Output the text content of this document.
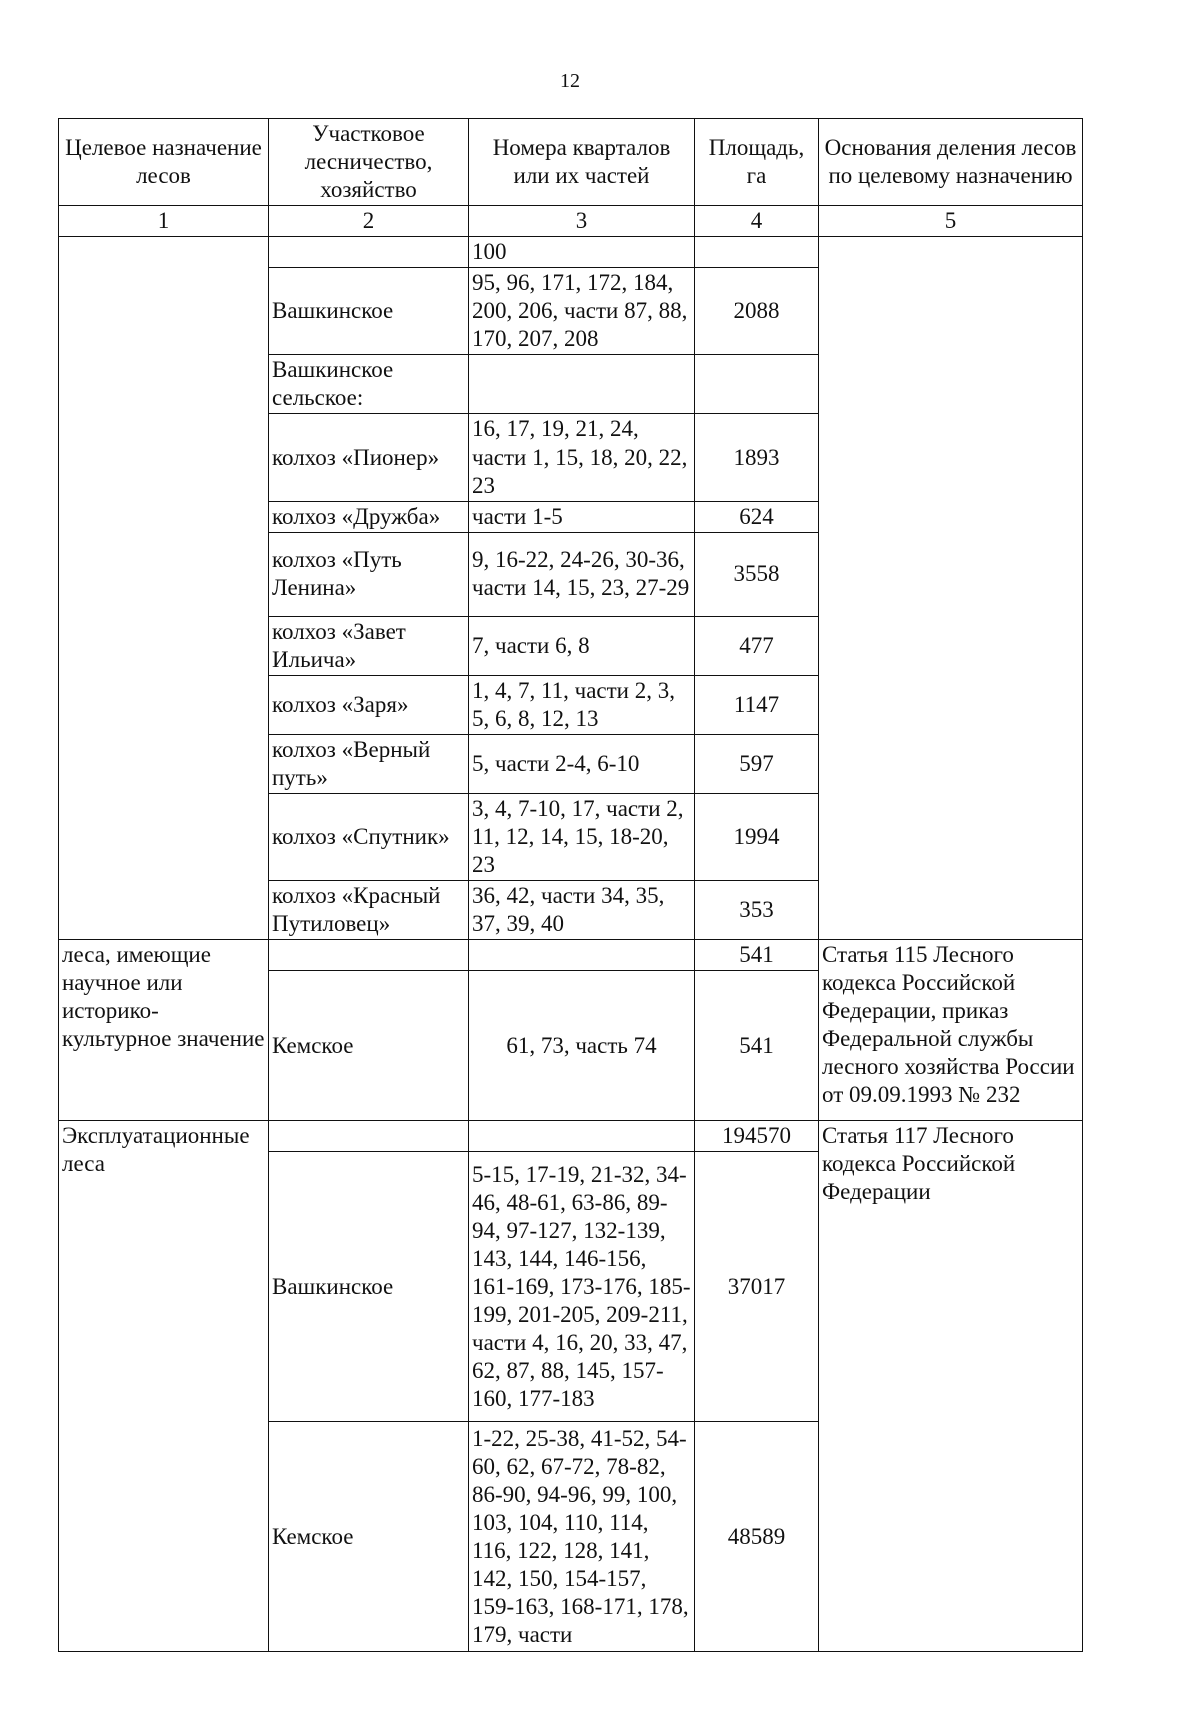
12
Целевое назначение лесов	Участковое лесничество, хозяйство	Номера кварталов или их частей	Площадь, га	Основания деления лесов по целевому назначению
1	2	3	4	5
		100		
	Вашкинское	95, 96, 171, 172, 184, 200, 206, части 87, 88, 170, 207, 208	2088	
	Вашкинское сельское:			
	колхоз «Пионер»	16, 17, 19, 21, 24, части 1, 15, 18, 20, 22, 23	1893	
	колхоз «Дружба»	части 1-5	624	
	колхоз «Путь Ленина»	9, 16-22, 24-26, 30-36, части 14, 15, 23, 27-29	3558	
	колхоз «Завет Ильича»	7, части 6, 8	477	
	колхоз «Заря»	1, 4, 7, 11, части 2, 3, 5, 6, 8, 12, 13	1147	
	колхоз «Верный путь»	5, части 2-4, 6-10	597	
	колхоз «Спутник»	3, 4, 7-10, 17, части 2, 11, 12, 14, 15, 18-20, 23	1994	
	колхоз «Красный Путиловец»	36, 42, части 34, 35, 37, 39, 40	353	
леса, имеющие научное или историко-культурное значение			541	Статья 115 Лесного кодекса Российской Федерации, приказ Федеральной службы лесного хозяйства России от 09.09.1993 № 232
	Кемское	61, 73, часть 74	541	
Эксплуатационные леса			194570	Статья 117 Лесного кодекса Российской Федерации
	Вашкинское	5-15, 17-19, 21-32, 34-46, 48-61, 63-86, 89-94, 97-127, 132-139, 143, 144, 146-156, 161-169, 173-176, 185-199, 201-205, 209-211, части 4, 16, 20, 33, 47, 62, 87, 88, 145, 157-160, 177-183	37017	
	Кемское	1-22, 25-38, 41-52, 54-60, 62, 67-72, 78-82, 86-90, 94-96, 99, 100, 103, 104, 110, 114, 116, 122, 128, 141, 142, 150, 154-157, 159-163, 168-171, 178, 179, части	48589	
